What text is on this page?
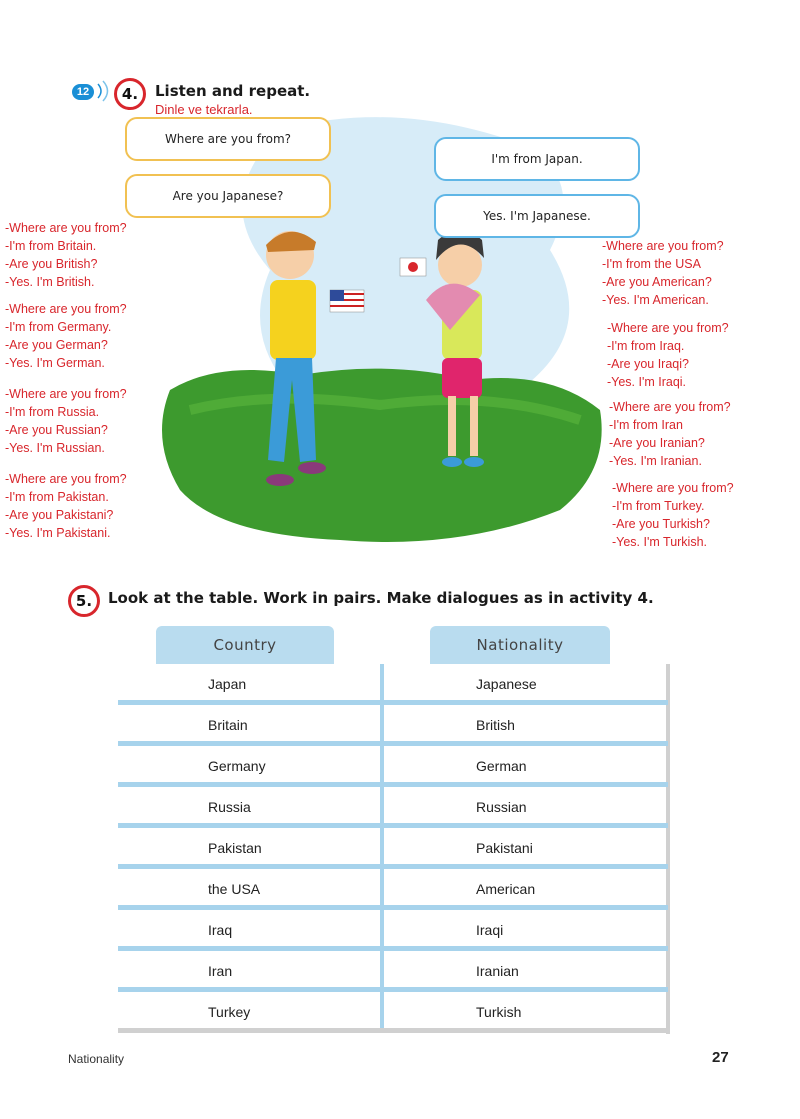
12	4.	Listen and repeat.
Dinle ve tekrarla.
Where are you from?
Are you Japanese?
I'm from Japan.
Yes. I'm Japanese.
-Where are you from?
-I'm from Britain.
-Are you British?
-Yes. I'm British.
-Where are you from?
-I'm from Germany.
-Are you German?
-Yes. I'm German.
-Where are you from?
-I'm from Russia.
-Are you Russian?
-Yes. I'm Russian.
-Where are you from?
-I'm from Pakistan.
-Are you Pakistani?
-Yes. I'm Pakistani.
-Where are you from?
-I'm from the USA
-Are you American?
-Yes. I'm American.
-Where are you from?
-I'm from Iraq.
-Are you Iraqi?
-Yes. I'm Iraqi.
-Where are you from?
-I'm from Iran
-Are you Iranian?
-Yes. I'm Iranian.
-Where are you from?
-I'm from Turkey.
-Are you Turkish?
-Yes. I'm Turkish.
5.	Look at the table. Work in pairs. Make dialogues as in activity 4.
Country	Nationality
Japan	Japanese
Britain	British
Germany	German
Russia	Russian
Pakistan	Pakistani
the USA	American
Iraq	Iraqi
Iran	Iranian
Turkey	Turkish
Nationality	27
